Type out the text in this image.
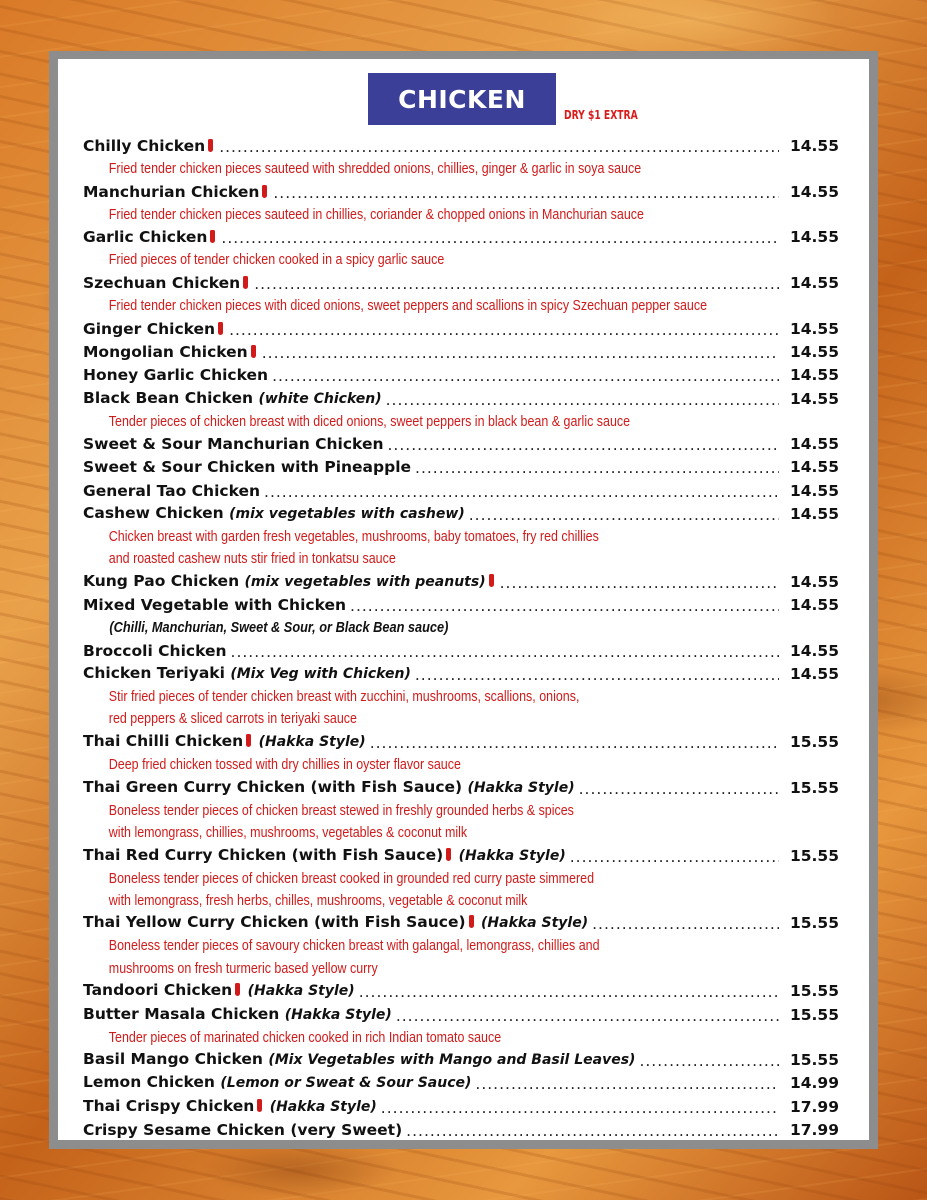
CHICKEN
DRY $1 EXTRA
Chilly Chicken .....	14.55
Fried tender chicken pieces sauteed with shredded onions, chillies, ginger & garlic in soya sauce
Manchurian Chicken .....	14.55
Fried tender chicken pieces sauteed in chillies, coriander & chopped onions in Manchurian sauce
Garlic Chicken .....	14.55
Fried pieces of tender chicken cooked in a spicy garlic sauce
Szechuan Chicken .....	14.55
Fried tender chicken pieces with diced onions, sweet peppers and scallions in spicy Szechuan pepper sauce
Ginger Chicken .....	14.55
Mongolian Chicken .....	14.55
Honey Garlic Chicken .....	14.55
Black Bean Chicken (white Chicken) .....	14.55
Tender pieces of chicken breast with diced onions, sweet peppers in black bean & garlic sauce
Sweet & Sour Manchurian Chicken .....	14.55
Sweet & Sour Chicken with Pineapple .....	14.55
General Tao Chicken .....	14.55
Cashew Chicken (mix vegetables with cashew) .....	14.55
Chicken breast with garden fresh vegetables, mushrooms, baby tomatoes, fry red chillies
and roasted cashew nuts stir fried in tonkatsu sauce
Kung Pao Chicken (mix vegetables with peanuts) .....	14.55
Mixed Vegetable with Chicken .....	14.55
(Chilli, Manchurian, Sweet & Sour, or Black Bean sauce)
Broccoli Chicken .....	14.55
Chicken Teriyaki (Mix Veg with Chicken) .....	14.55
Stir fried pieces of tender chicken breast with zucchini, mushrooms, scallions, onions,
red peppers & sliced carrots in teriyaki sauce
Thai Chilli Chicken (Hakka Style) .....	15.55
Deep fried chicken tossed with dry chillies in oyster flavor sauce
Thai Green Curry Chicken (with Fish Sauce) (Hakka Style) .....	15.55
Boneless tender pieces of chicken breast stewed in freshly grounded herbs & spices
with lemongrass, chillies, mushrooms, vegetables & coconut milk
Thai Red Curry Chicken (with Fish Sauce) (Hakka Style) .....	15.55
Boneless tender pieces of chicken breast cooked in grounded red curry paste simmered
with lemongrass, fresh herbs, chilles, mushrooms, vegetable & coconut milk
Thai Yellow Curry Chicken (with Fish Sauce) (Hakka Style) .....	15.55
Boneless tender pieces of savoury chicken breast with galangal, lemongrass, chillies and
mushrooms on fresh turmeric based yellow curry
Tandoori Chicken (Hakka Style) .....	15.55
Butter Masala Chicken (Hakka Style) .....	15.55
Tender pieces of marinated chicken cooked in rich Indian tomato sauce
Basil Mango Chicken (Mix Vegetables with Mango and Basil Leaves) .....	15.55
Lemon Chicken (Lemon or Sweat & Sour Sauce) .....	14.99
Thai Crispy Chicken (Hakka Style) .....	17.99
Crispy Sesame Chicken (very Sweet) .....	17.99
